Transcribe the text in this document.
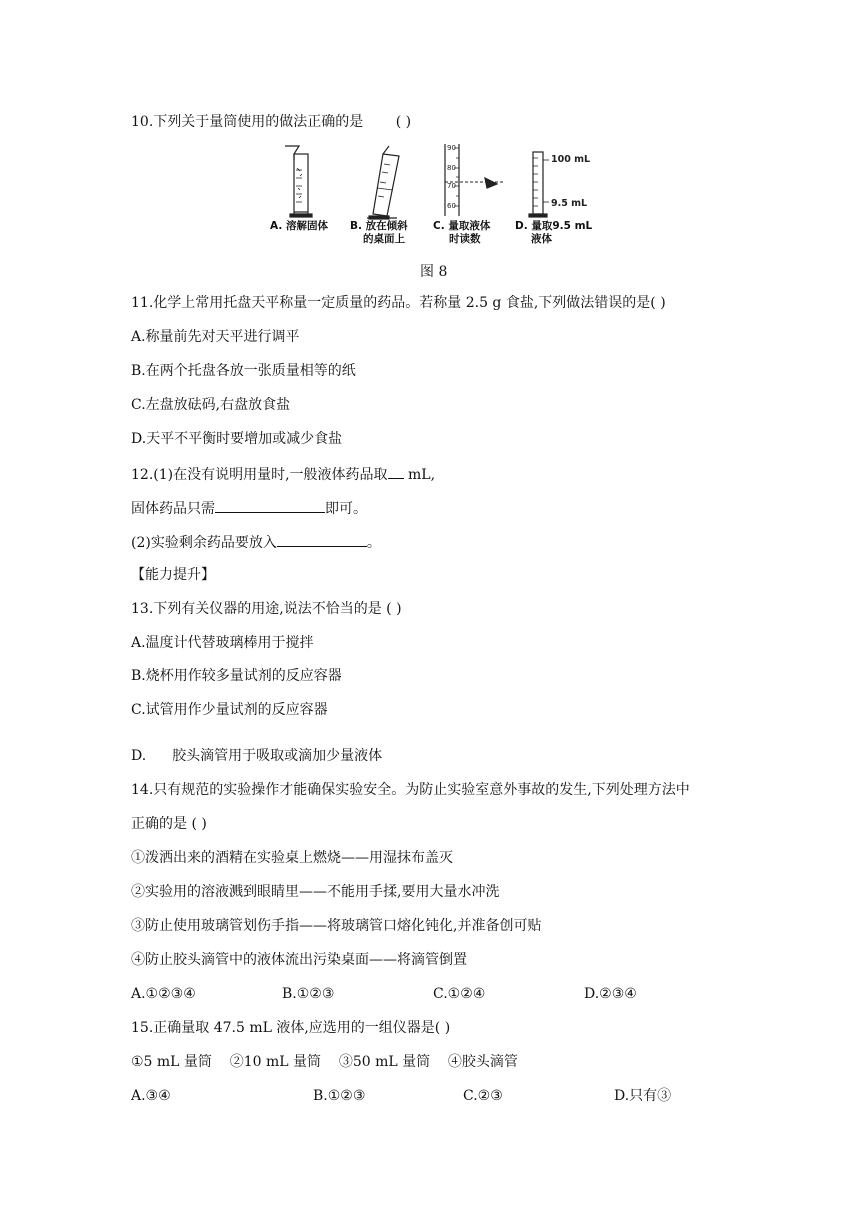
10.下列关于量筒使用的做法正确的是 ( )
90
80
70
60
100 mL
9.5 mL
A. 溶解固体 B. 放在倾斜
的桌面上
C. 量取液体
时读数
D. 量取9.5 mL
液体
图 8
11.化学上常用托盘天平称量一定质量的药品。若称量 2.5 g 食盐,下列做法错误的是( )
A.称量前先对天平进行调平
B.在两个托盘各放一张质量相等的纸
C.左盘放砝码,右盘放食盐
D.天平不平衡时要增加或减少食盐
12.(1)在没有说明用量时,一般液体药品取 mL,
固体药品只需	即可。
(2)实验剩余药品要放入	。
【能力提升】
13.下列有关仪器的用途,说法不恰当的是 ( )
A.温度计代替玻璃棒用于搅拌
B.烧杯用作较多量试剂的反应容器
C.试管用作少量试剂的反应容器
D. 胶头滴管用于吸取或滴加少量液体
14.只有规范的实验操作才能确保实验安全。为防止实验室意外事故的发生,下列处理方法中
正确的是 ( )
①泼洒出来的酒精在实验桌上燃烧——用湿抹布盖灭
②实验用的溶液溅到眼睛里——不能用手揉,要用大量水冲洗
③防止使用玻璃管划伤手指——将玻璃管口熔化钝化,并准备创可贴
④防止胶头滴管中的液体流出污染桌面——将滴管倒置
A.①②③④	B.①②③	C.①②④	D.②③④
15.正确量取 47.5 mL 液体,应选用的一组仪器是( )
①5 mL 量筒    ②10 mL 量筒    ③50 mL 量筒    ④胶头滴管
A.③④	B.①②③	C.②③	D.只有③
